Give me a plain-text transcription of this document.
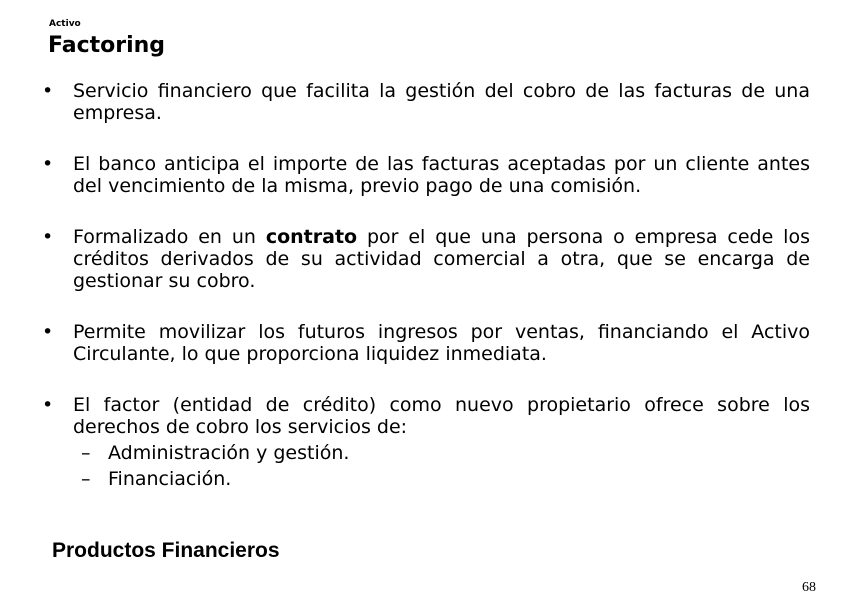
Activo
Factoring
• Servicio financiero que facilita la gestión del cobro de las facturas de una empresa.
• El banco anticipa el importe de las facturas aceptadas por un cliente antes del vencimiento de la misma, previo pago de una comisión.
• Formalizado en un contrato por el que una persona o empresa cede los créditos derivados de su actividad comercial a otra, que se encarga de gestionar su cobro.
• Permite movilizar los futuros ingresos por ventas, financiando el Activo Circulante, lo que proporciona liquidez inmediata.
• El factor (entidad de crédito) como nuevo propietario ofrece sobre los derechos de cobro los servicios de:
– Administración y gestión.
– Financiación.
Productos Financieros
68
